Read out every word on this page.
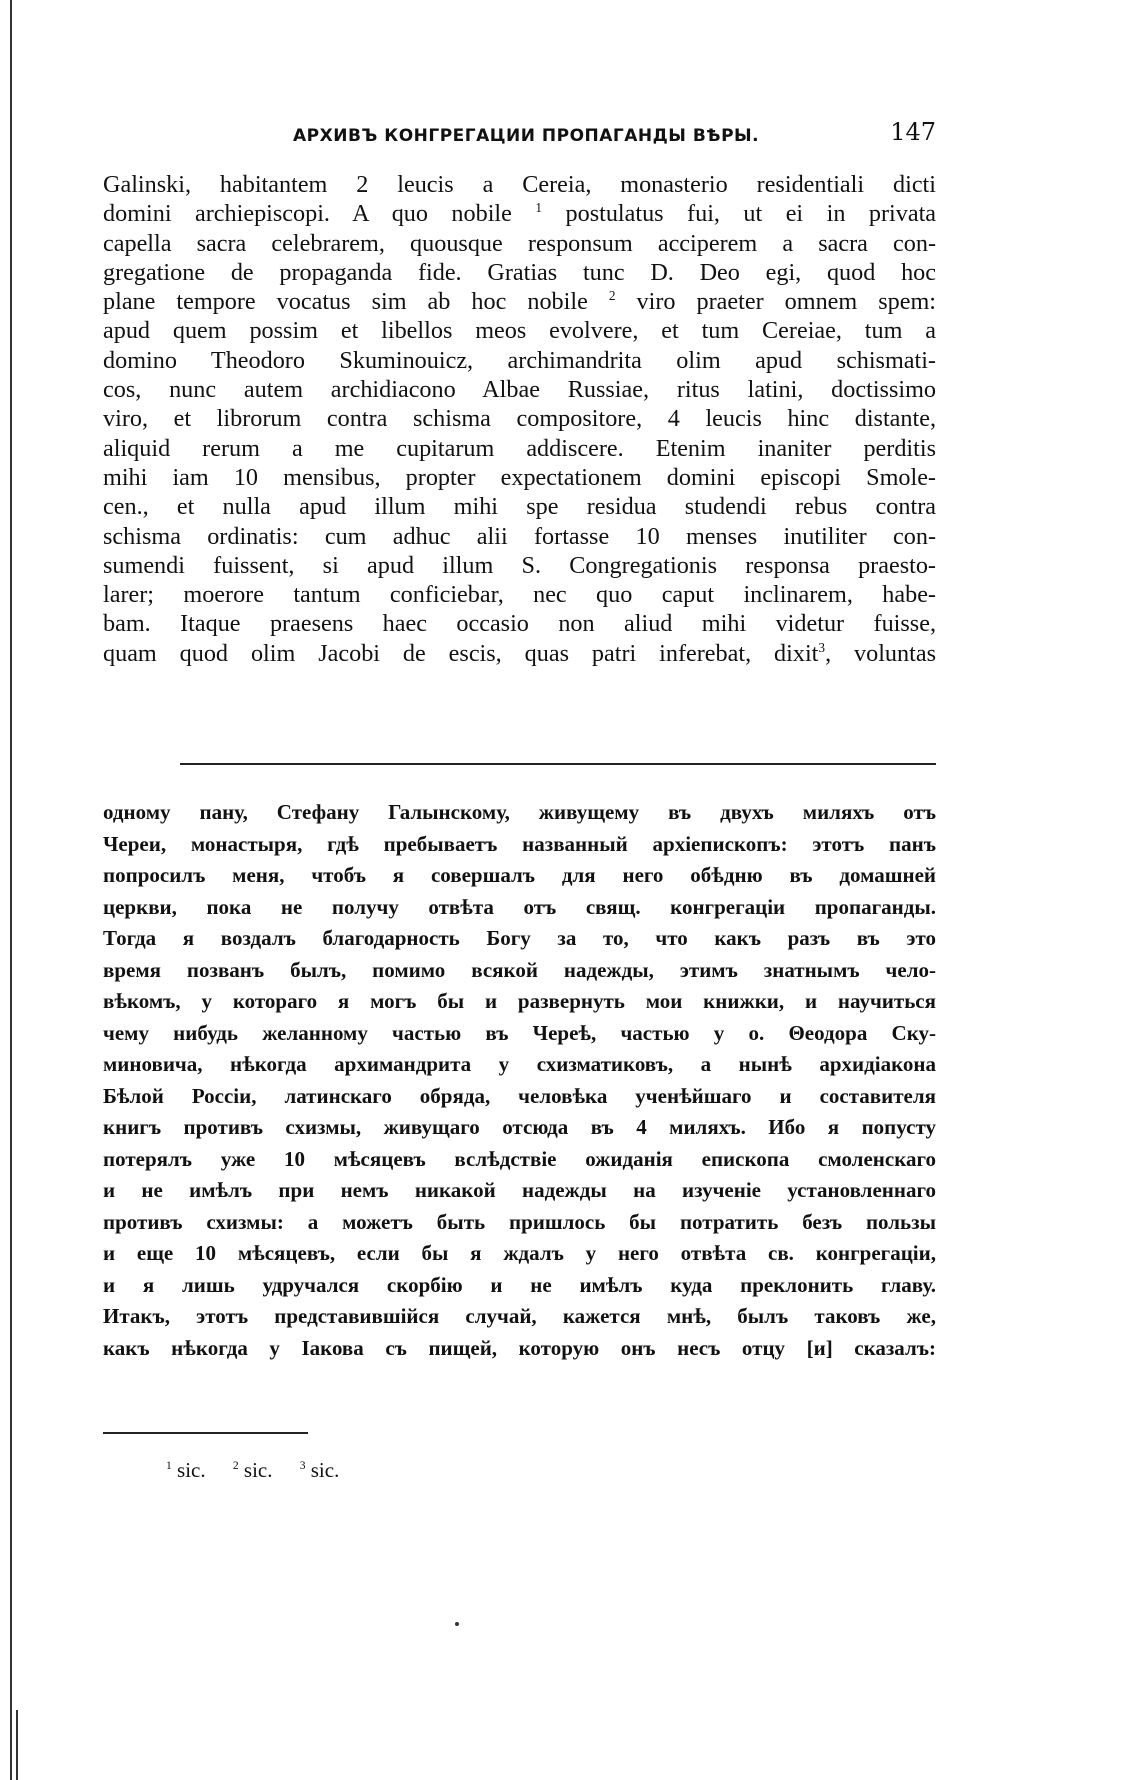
АРХИВЪ КОНГРЕГАЦИИ ПРОПАГАНДЫ ВѢРЫ.	147
Galinski, habitantem 2 leucis a Cereia, monasterio residentiali dicti
domini archiepiscopi. A quo nobile $^1$ postulatus fui, ut ei in privata
capella sacra celebrarem, quousque responsum acciperem a sacra con-
gregatione de propaganda fide. Gratias tunc D. Deo egi, quod hoc
plane tempore vocatus sim ab hoc nobile $^2$ viro praeter omnem spem:
apud quem possim et libellos meos evolvere, et tum Cereiae, tum a
domino Theodoro Skuminouicz, archimandrita olim apud schismati-
cos, nunc autem archidiacono Albae Russiae, ritus latini, doctissimo
viro, et librorum contra schisma compositore, 4 leucis hinc distante,
aliquid rerum a me cupitarum addiscere. Etenim inaniter perditis
mihi iam 10 mensibus, propter expectationem domini episcopi Smole-
cen., et nulla apud illum mihi spe residua studendi rebus contra
schisma ordinatis: cum adhuc alii fortasse 10 menses inutiliter con-
sumendi fuissent, si apud illum S. Congregationis responsa praesto-
larer; moerore tantum conficiebar, nec quo caput inclinarem, habe-
bam. Itaque praesens haec occasio non aliud mihi videtur fuisse,
quam quod olim Jacobi de escis, quas patri inferebat, dixit$^3$, voluntas
одному пану, Стефану Галынскому, живущему въ двухъ миляхъ отъ
Череи, монастыря, гдѣ пребываетъ названный архіепископъ: этотъ панъ
попросилъ меня, чтобъ я совершалъ для него обѣдню въ домашней
церкви, пока не получу отвѣта отъ свящ. конгрегаціи пропаганды.
Тогда я воздалъ благодарность Богу за то, что какъ разъ въ это
время позванъ былъ, помимо всякой надежды, этимъ знатнымъ чело-
вѣкомъ, у котораго я могъ бы и развернуть мои книжки, и научиться
чему нибудь желанному частью въ Череѣ, частью у о. Θеодора Ску-
миновича, нѣкогда архимандрита у схизматиковъ, а нынѣ архидіакона
Бѣлой Россіи, латинскаго обряда, человѣка ученѣйшаго и составителя
книгъ противъ схизмы, живущаго отсюда въ 4 миляхъ. Ибо я попусту
потерялъ уже 10 мѣсяцевъ вслѣдствіе ожиданія епископа смоленскаго
и не имѣлъ при немъ никакой надежды на изученіе установленнаго
противъ схизмы: а можетъ быть пришлось бы потратить безъ пользы
и еще 10 мѣсяцевъ, если бы я ждалъ у него отвѣта св. конгрегаціи,
и я лишь удручался скорбію и не имѣлъ куда преклонить главу.
Итакъ, этотъ представившійся случай, кажется мнѣ, былъ таковъ же,
какъ нѣкогда у Іакова съ пищей, которую онъ несъ отцу [и] сказалъ:
$^1$ sic. $^2$ sic. $^3$ sic.
